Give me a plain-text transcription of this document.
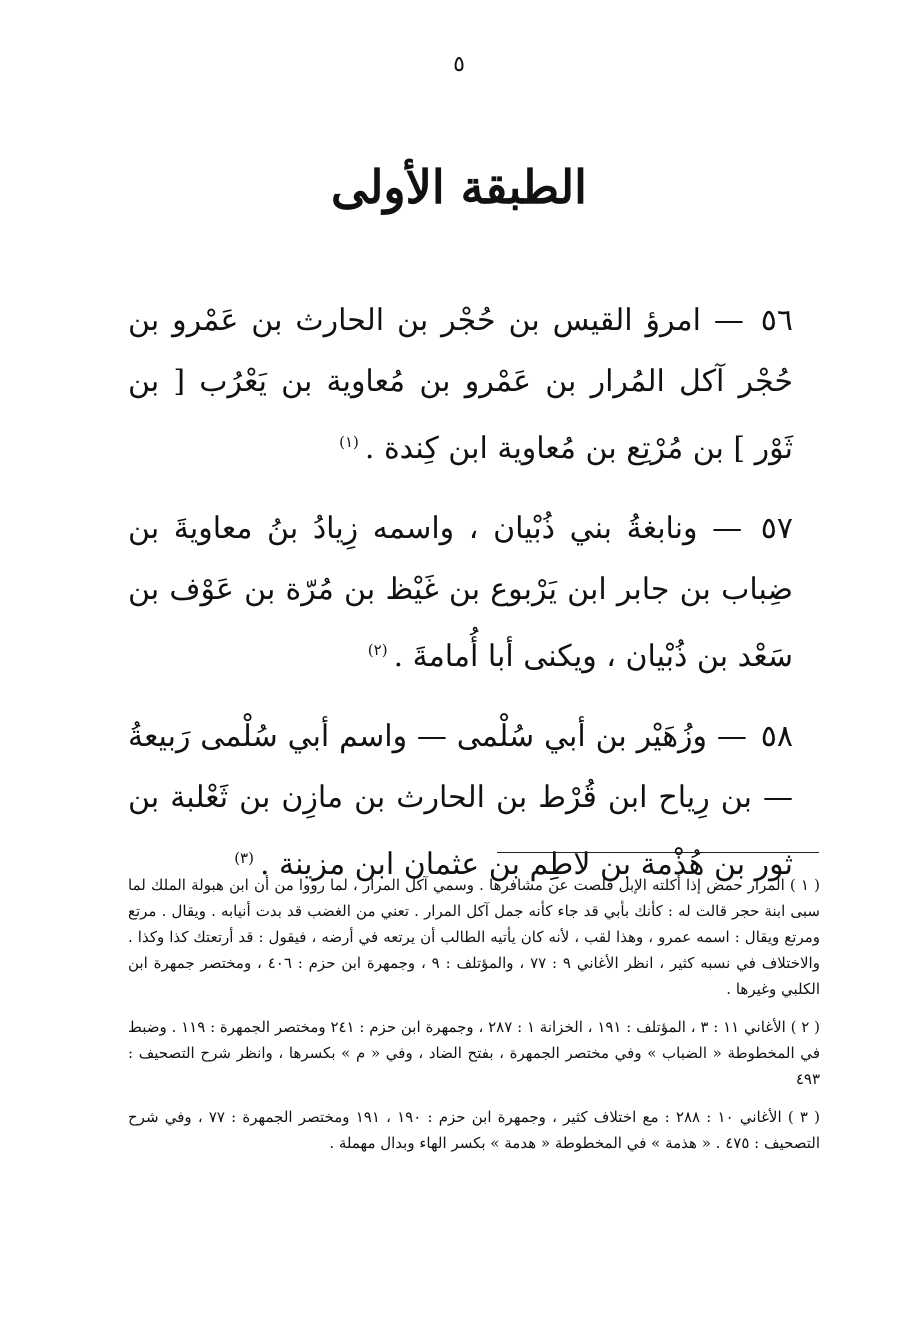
٥
الطبقة الأولى

٥٦ — امرؤ القيس بن حُجْر بن الحارث بن عَمْرو بن حُجْر آكل المُرار بن عَمْرو بن مُعاوية بن يَعْرُب [ بن ثَوْر ] بن مُرْتِع بن مُعاوية ابن كِندة .$^{(١)}$

٥٧ — ونابغةُ بني ذُبْيان ، واسمه زِيادُ بنُ معاويةَ بن ضِباب بن جابر ابن يَرْبوع بن غَيْظ بن مُرّة بن عَوْف بن سَعْد بن ذُبْيان ، ويكنى أبا أُمامةَ .$^{(٢)}$

٥٨ — وزُهَيْر بن أبي سُلْمى — واسم أبي سُلْمى رَبيعةُ — بن رِياح ابن قُرْط بن الحارث بن مازِن بن ثَعْلبة بن ثور بن هُذْمة بن لاطِم بن عثمان ابن مزينة .$^{(٣)}$

( ١ ) المرار حمض إذا أكلته الإبل قلصت عن مشافرها . وسمي آكل المرار ، لما رووا من أن ابن هبولة الملك لما سبى ابنة حجر قالت له : كأنك بأبي قد جاء كأنه جمل آكل المرار . تعني من الغضب قد بدت أنيابه . ويقال . مرتع ومرتع ويقال : اسمه عمرو ، وهذا لقب ، لأنه كان يأتيه الطالب أن يرتعه في أرضه ، فيقول : قد أرتعتك كذا وكذا . والاختلاف في نسبه كثير ، انظر الأغاني ٩ : ٧٧ ، والمؤتلف : ٩ ، وجمهرة ابن حزم : ٤٠٦ ، ومختصر جمهرة ابن الكلبي وغيرها .

( ٢ ) الأغاني ١١ : ٣ ، المؤتلف : ١٩١ ، الخزانة ١ : ٢٨٧ ، وجمهرة ابن حزم : ٢٤١ ومختصر الجمهرة : ١١٩ . وضبط في المخطوطة « الضباب » وفي مختصر الجمهرة ، بفتح الضاد ، وفي « م » بكسرها ، وانظر شرح التصحيف : ٤٩٣

( ٣ ) الأغاني ١٠ : ٢٨٨ : مع اختلاف كثير ، وجمهرة ابن حزم : ١٩٠ ، ١٩١ ومختصر الجمهرة : ٧٧ ، وفي شرح التصحيف : ٤٧٥ . « هذمة » في المخطوطة « هدمة » بكسر الهاء وبدال مهملة .
